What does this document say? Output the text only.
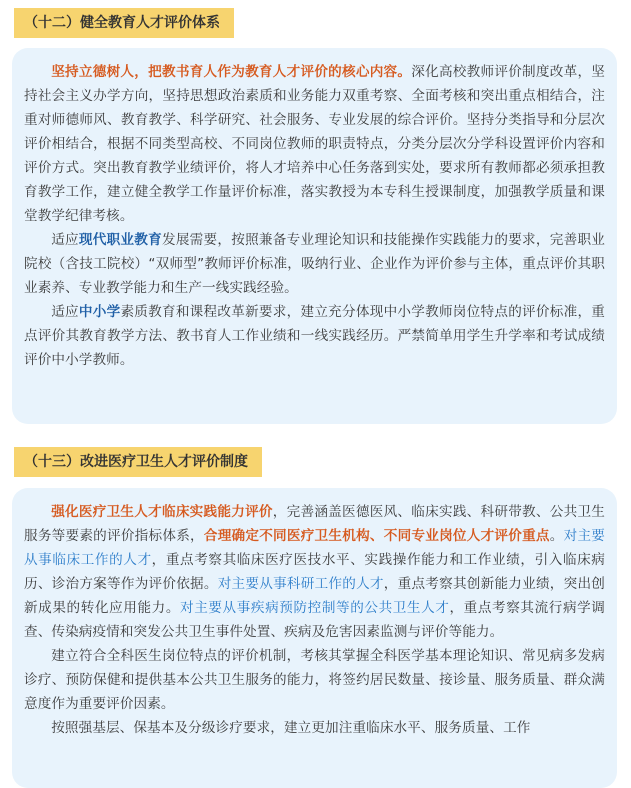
（十二）健全教育人才评价体系

坚持立德树人，把教书育人作为教育人才评价的核心内容。深化高校教师评价制度改革，坚持社会主义办学方向，坚持思想政治素质和业务能力双重考察、全面考核和突出重点相结合，注重对师德师风、教育教学、科学研究、社会服务、专业发展的综合评价。坚持分类指导和分层次评价相结合，根据不同类型高校、不同岗位教师的职责特点，分类分层次分学科设置评价内容和评价方式。突出教育教学业绩评价，将人才培养中心任务落到实处，要求所有教师都必须承担教育教学工作，建立健全教学工作量评价标准，落实教授为本专科生授课制度，加强教学质量和课堂教学纪律考核。

适应现代职业教育发展需要，按照兼备专业理论知识和技能操作实践能力的要求，完善职业院校（含技工院校）“双师型”教师评价标准，吸纳行业、企业作为评价参与主体，重点评价其职业素养、专业教学能力和生产一线实践经验。

适应中小学素质教育和课程改革新要求，建立充分体现中小学教师岗位特点的评价标准，重点评价其教育教学方法、教书育人工作业绩和一线实践经历。严禁简单用学生升学率和考试成绩评价中小学教师。

（十三）改进医疗卫生人才评价制度

强化医疗卫生人才临床实践能力评价，完善涵盖医德医风、临床实践、科研带教、公共卫生服务等要素的评价指标体系，合理确定不同医疗卫生机构、不同专业岗位人才评价重点。对主要从事临床工作的人才，重点考察其临床医疗医技水平、实践操作能力和工作业绩，引入临床病历、诊治方案等作为评价依据。对主要从事科研工作的人才，重点考察其创新能力业绩，突出创新成果的转化应用能力。对主要从事疾病预防控制等的公共卫生人才，重点考察其流行病学调查、传染病疫情和突发公共卫生事件处置、疾病及危害因素监测与评价等能力。

建立符合全科医生岗位特点的评价机制，考核其掌握全科医学基本理论知识、常见病多发病诊疗、预防保健和提供基本公共卫生服务的能力，将签约居民数量、接诊量、服务质量、群众满意度作为重要评价因素。

按照强基层、保基本及分级诊疗要求，建立更加注重临床水平、服务质量、工作
